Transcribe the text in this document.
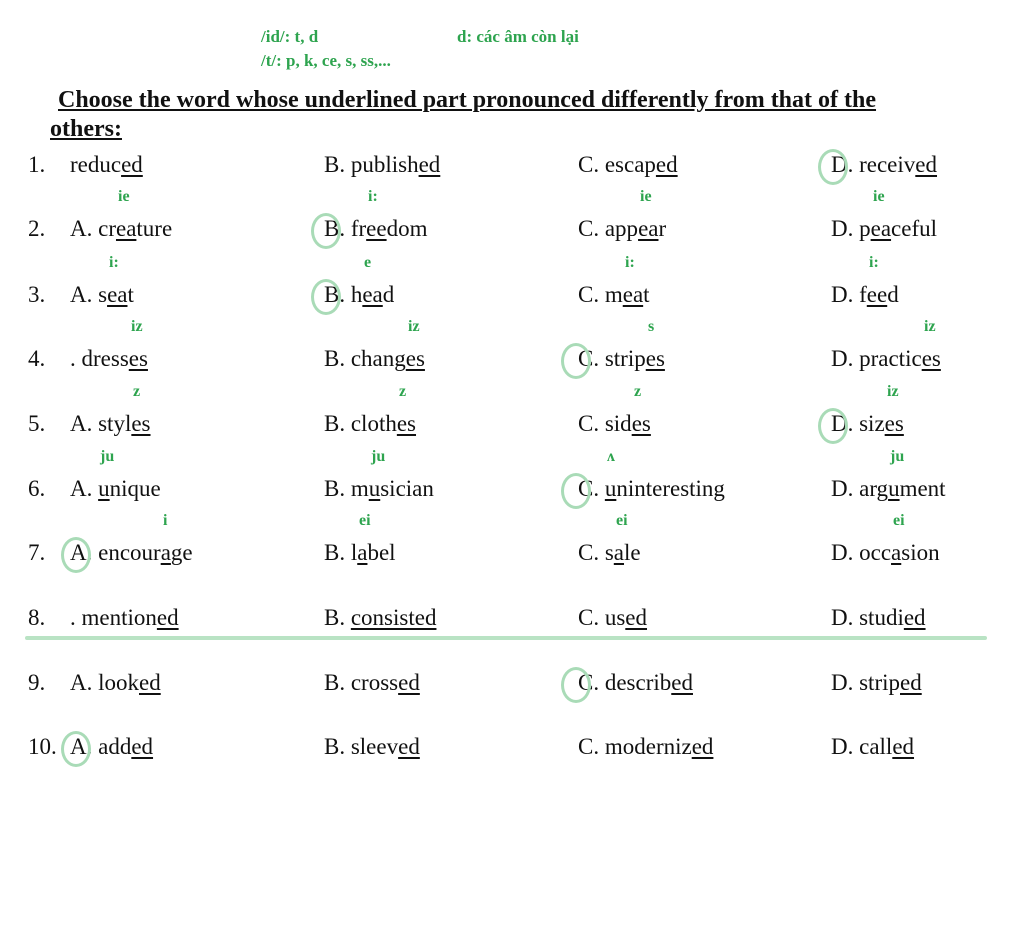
/id/: t, d
/t/: p, k, ce, s, ss,...
d: các âm còn lại
Choose the word whose underlined part pronounced differently from that of the
others:
1. reduced	B. published	C. escaped	D. received
2. A. creature
ie
B. freedom
i:
C. appear
ie
D. peaceful
ie
3. A. seat
i:
B. head
e
C. meat
i:
D. feed
i:
4. . dresses
iz
B. changes
iz
C. stripes
s
D. practices
iz
5. A. styles
z
B. clothes
z
C. sides
z
D. sizes
iz
6. A. unique
ju
B. musician
ju
C. uninteresting
ʌ
D. argument
ju
7. A. encourage
i
B. label
ei
C. sale
ei
D. occasion
ei
8. . mentioned	B. consisted	C. used	D. studied
9. A. looked	B. crossed	C. described	D. striped
10. A. added	B. sleeved	C. modernized	D. called
